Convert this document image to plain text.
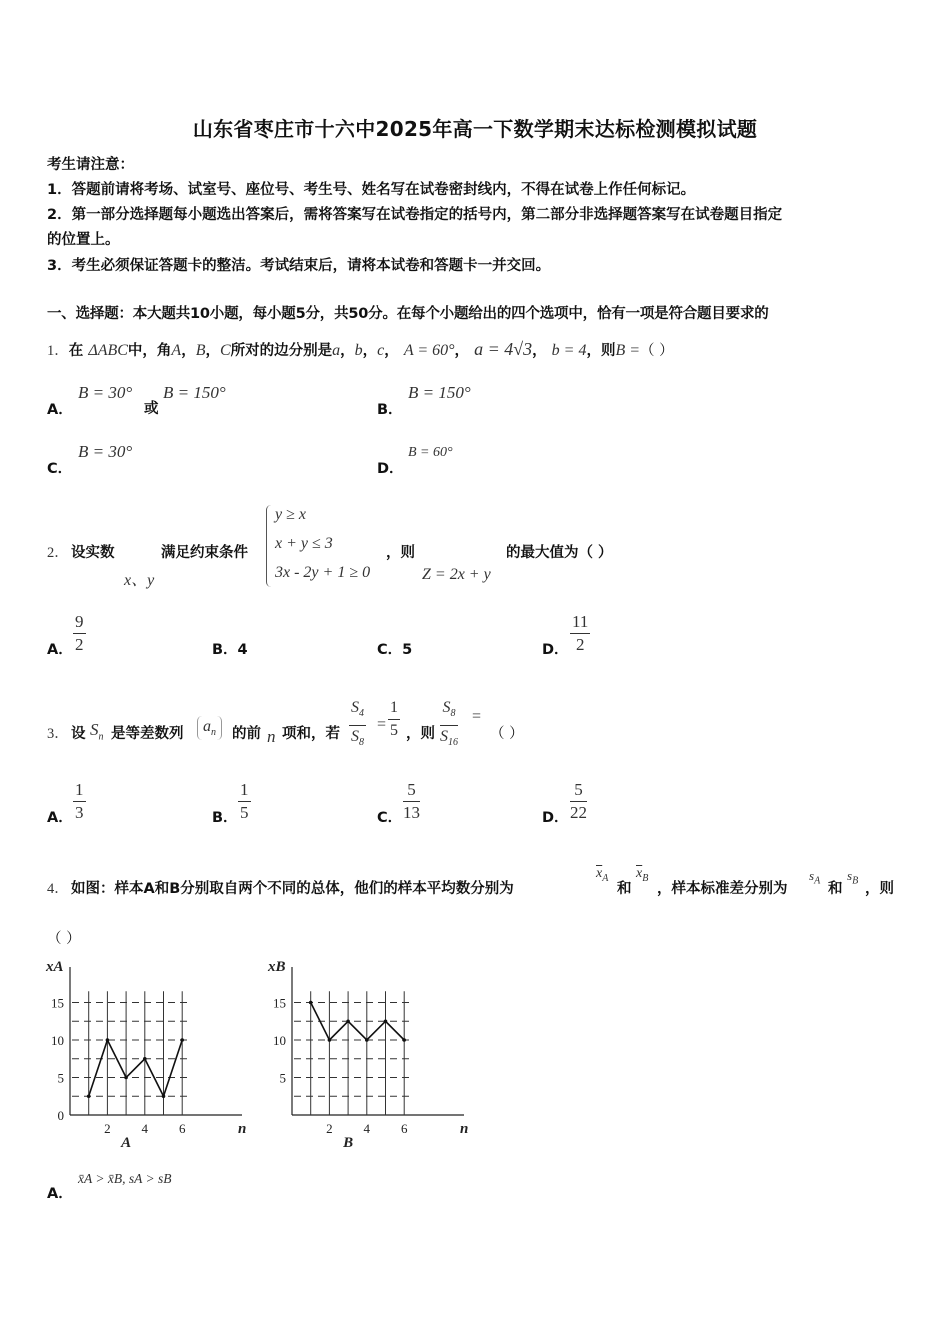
山东省枣庄市十六中2025年高一下数学期末达标检测模拟试题
考生请注意：
1．答题前请将考场、试室号、座位号、考生号、姓名写在试卷密封线内，不得在试卷上作任何标记。
2．第一部分选择题每小题选出答案后，需将答案写在试卷指定的括号内，第二部分非选择题答案写在试卷题目指定
的位置上。
3．考生必须保证答题卡的整洁。考试结束后，请将本试卷和答题卡一并交回。
一、选择题：本大题共10小题，每小题5分，共50分。在每个小题给出的四个选项中，恰有一项是符合题目要求的
1．在 ΔABC中，角A，B，C所对的边分别是a，b，c， A = 60°， a = 4√3， b = 4，则B =（ ）
A．
B = 30°
或
B = 150°
B．
B = 150°
C．
B = 30°
D．
B = 60°
2． 设实数
x、y
满足约束条件
y ≥ x
x + y ≤ 3
3x - 2y + 1 ≥ 0
，则
Z = 2x + y
的最大值为（ ）
A． $\frac{9}{2}$	B．4	C．5	D． $\frac{11}{2}$
3． 设 $S_n$ 是等差数列	$a_n$	的前 n 项和，若 $\frac{S_4}{S_8} = \frac{1}{5}$ ，则 $\frac{S_8}{S_{16}}$ =
（ ）
A． $\frac{1}{3}$	B． $\frac{1}{5}$	C． $\frac{5}{13}$	D． $\frac{5}{22}$
4． 如图：样本A和B分别取自两个不同的总体，他们的样本平均数分别为
$\overline{x}_A$
和
$\overline{x}_B$
，样本标准差分别为
$s_A$ 和
$s_B$ ，则
（ ）
0
5
10
15
2 4 6
xA
n
A
5
10
15
2 4 6
xB
n
B
A．
x̄A > x̄B, sA > sB
